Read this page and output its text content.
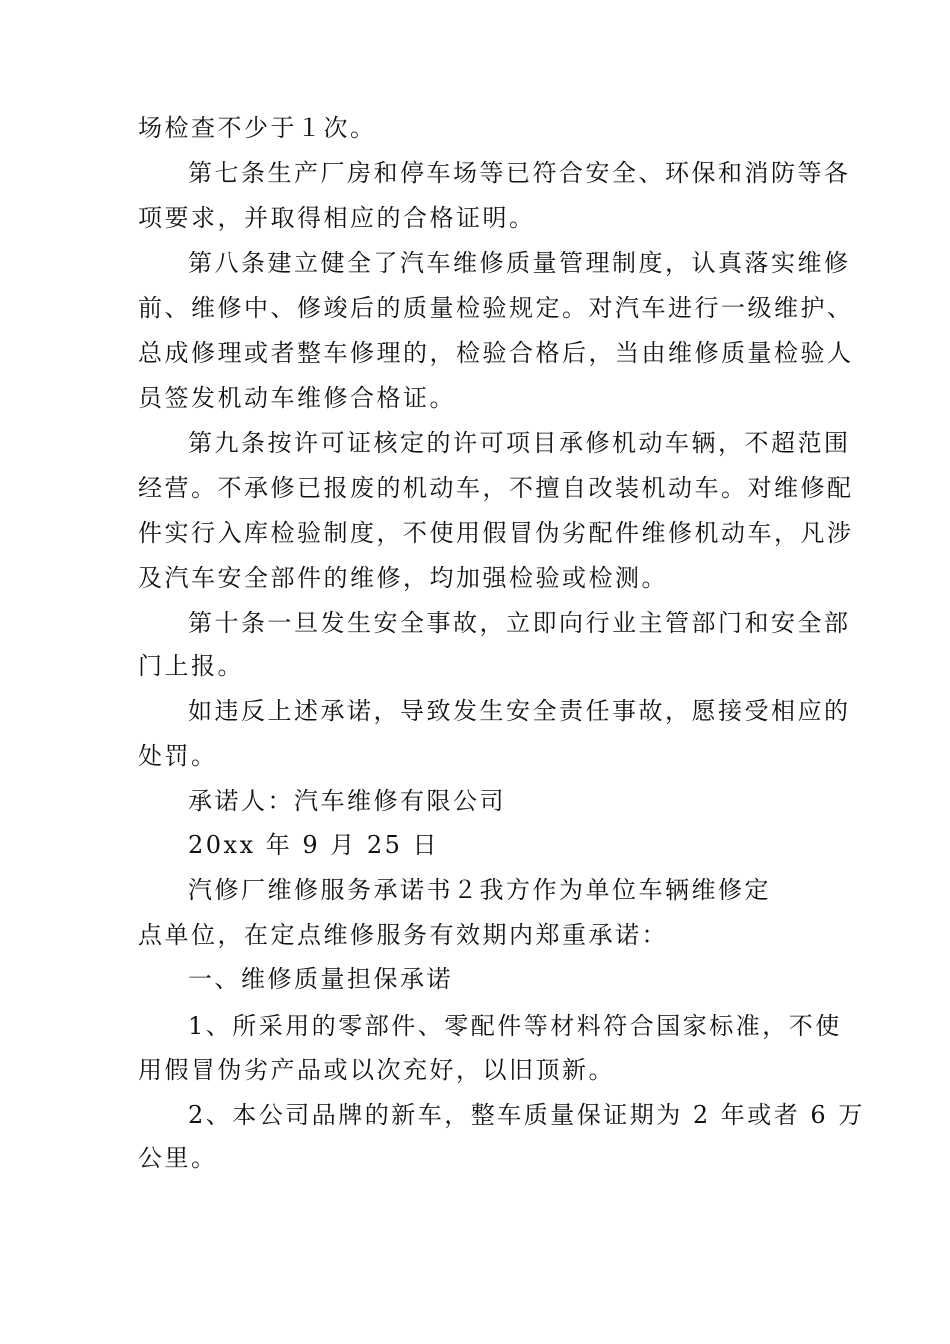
场检查不少于１次。
第七条生产厂房和停车场等已符合安全、环保和消防等各
项要求，并取得相应的合格证明。
第八条建立健全了汽车维修质量管理制度，认真落实维修
前、维修中、修竣后的质量检验规定。对汽车进行一级维护、
总成修理或者整车修理的，检验合格后，当由维修质量检验人
员签发机动车维修合格证。
第九条按许可证核定的许可项目承修机动车辆，不超范围
经营。不承修已报废的机动车，不擅自改装机动车。对维修配
件实行入库检验制度，不使用假冒伪劣配件维修机动车，凡涉
及汽车安全部件的维修，均加强检验或检测。
第十条一旦发生安全事故，立即向行业主管部门和安全部
门上报。
如违反上述承诺，导致发生安全责任事故，愿接受相应的
处罚。
承诺人：汽车维修有限公司
20xx 年 9 月 25 日
汽修厂维修服务承诺书２我方作为单位车辆维修定
点单位，在定点维修服务有效期内郑重承诺：
一、维修质量担保承诺
1、所采用的零部件、零配件等材料符合国家标准，不使
用假冒伪劣产品或以次充好，以旧顶新。
2、本公司品牌的新车，整车质量保证期为 2 年或者 6 万
公里。
